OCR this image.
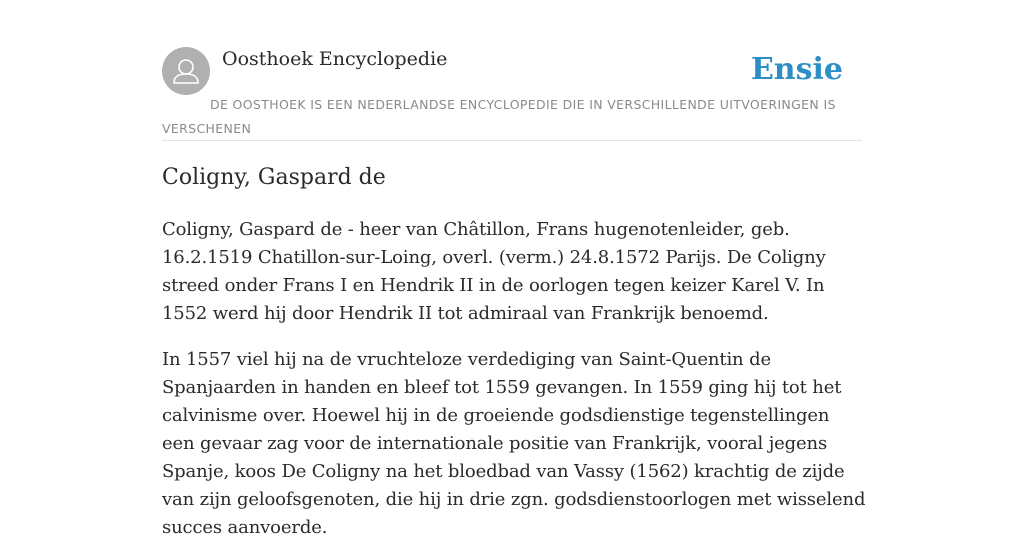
Oosthoek Encyclopedie	Ensie
DE OOSTHOEK IS EEN NEDERLANDSE ENCYCLOPEDIE DIE IN VERSCHILLENDE UITVOERINGEN IS VERSCHENEN
Coligny, Gaspard de

Coligny, Gaspard de - heer van Châtillon, Frans hugenotenleider, geb. 16.2.1519 Chatillon-sur-Loing, overl. (verm.) 24.8.1572 Parijs. De Coligny streed onder Frans I en Hendrik II in de oorlogen tegen keizer Karel V. In 1552 werd hij door Hendrik II tot admiraal van Frankrijk benoemd.

In 1557 viel hij na de vruchteloze verdediging van Saint-Quentin de Spanjaarden in handen en bleef tot 1559 gevangen. In 1559 ging hij tot het calvinisme over. Hoewel hij in de groeiende godsdienstige tegenstellingen een gevaar zag voor de internationale positie van Frankrijk, vooral jegens Spanje, koos De Coligny na het bloedbad van Vassy (1562) krachtig de zijde van zijn geloofsgenoten, die hij in drie zgn. godsdienstoorlogen met wisselend succes aanvoerde.
